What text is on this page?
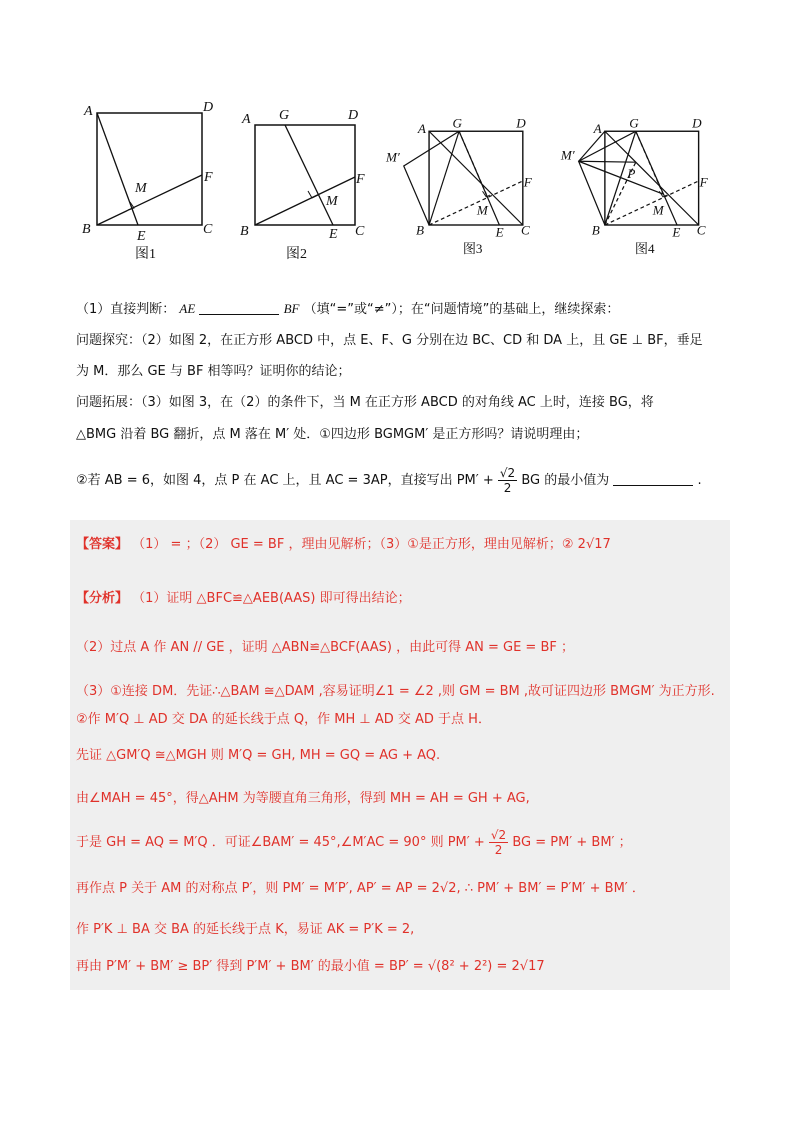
A	D
B	C
E
F
M
图1
A G	D
B	C
E
F
M
图2
A G	D
M′
F
M
B	E C
图3
A G	D
M′
P
F
M
B	E C
图4
（1）直接判断： AE	BF （填“=”或“≠”）；在“问题情境”的基础上，继续探索：
问题探究：（2）如图 2，在正方形 ABCD 中，点 E、F、G 分别在边 BC、CD 和 DA 上，且 GE ⊥ BF，垂足
为 M．那么 GE 与 BF 相等吗？证明你的结论；
问题拓展：（3）如图 3，在（2）的条件下，当 M 在正方形 ABCD 的对角线 AC 上时，连接 BG，将
△BMG 沿着 BG 翻折，点 M 落在 M′ 处．①四边形 BGMGM′ 是正方形吗？请说明理由；
②若 AB = 6，如图 4，点 P 在 AC 上，且 AC = 3AP，直接写出 $PM' + \frac{√2}{2}$ BG 的最小值为	.
【答案】 （1） = ；（2） GE = BF ，理由见解析；（3）①是正方形，理由见解析；② 2√17
【分析】 （1）证明 △BFC≌△AEB(AAS) 即可得出结论；
（2）过点 A 作 AN // GE ，证明 △ABN≌△BCF(AAS) ，由此可得 AN = GE = BF ；
（3）①连接 DM．先证∴△BAM ≅△DAM ,容易证明∠1 = ∠2 ,则 GM = BM ,故可证四边形 BMGM′ 为正方形.
②作 M′Q ⊥ AD 交 DA 的延长线于点 Q，作 MH ⊥ AD 交 AD 于点 H．
先证 △GM′Q ≅△MGH 则 M′Q = GH, MH = GQ = AG + AQ.
由∠MAH = 45°，得△AHM 为等腰直角三角形，得到 MH = AH = GH + AG,
于是 GH = AQ = M′Q ．可证∠BAM′ = 45°,∠M′AC = 90° 则 $PM' + \frac{√2}{2}$ BG = PM′ + BM′ ；
再作点 P 关于 AM 的对称点 P′，则 PM′ = M′P′, AP′ = AP = 2√2, ∴ PM′ + BM′ = P′M′ + BM′ ．
作 P′K ⊥ BA 交 BA 的延长线于点 K，易证 AK = P′K = 2,
再由 P′M′ + BM′ ≥ BP′ 得到 P′M′ + BM′ 的最小值 = BP′ = √(8² + 2²) = 2√17
